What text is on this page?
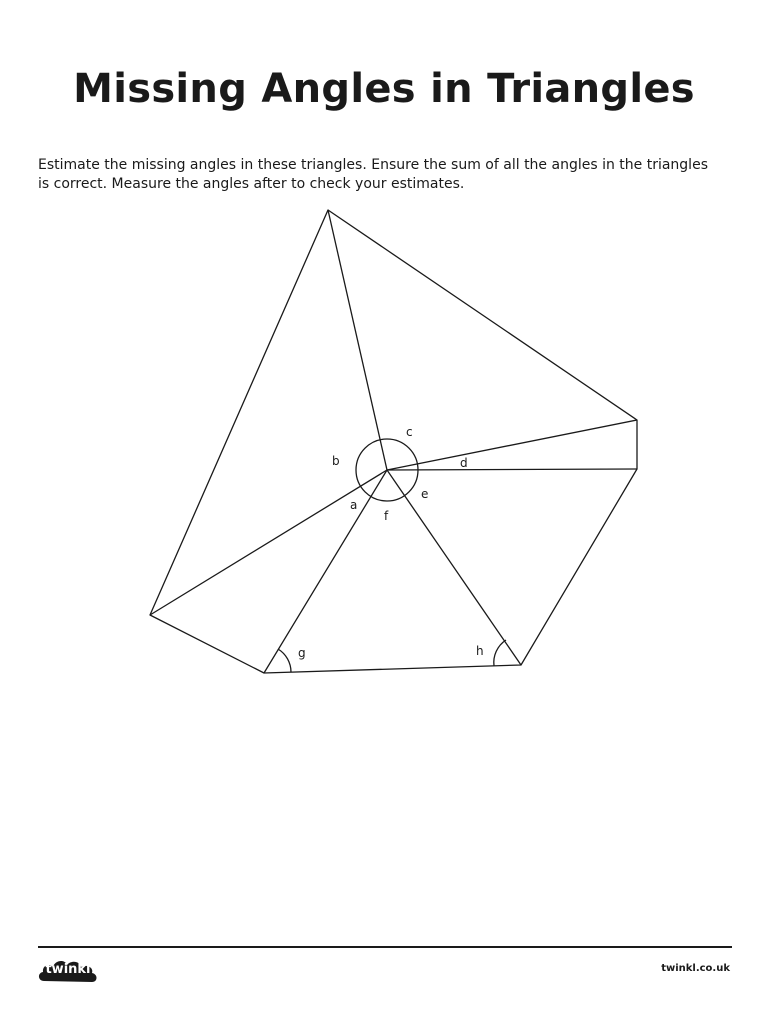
Missing Angles in Triangles
Estimate the missing angles in these triangles. Ensure the sum of all the angles in the triangles
is correct. Measure the angles after to check your estimates.
c
b	d
e
a
f
g	h
twinkl	twinkl.co.uk
